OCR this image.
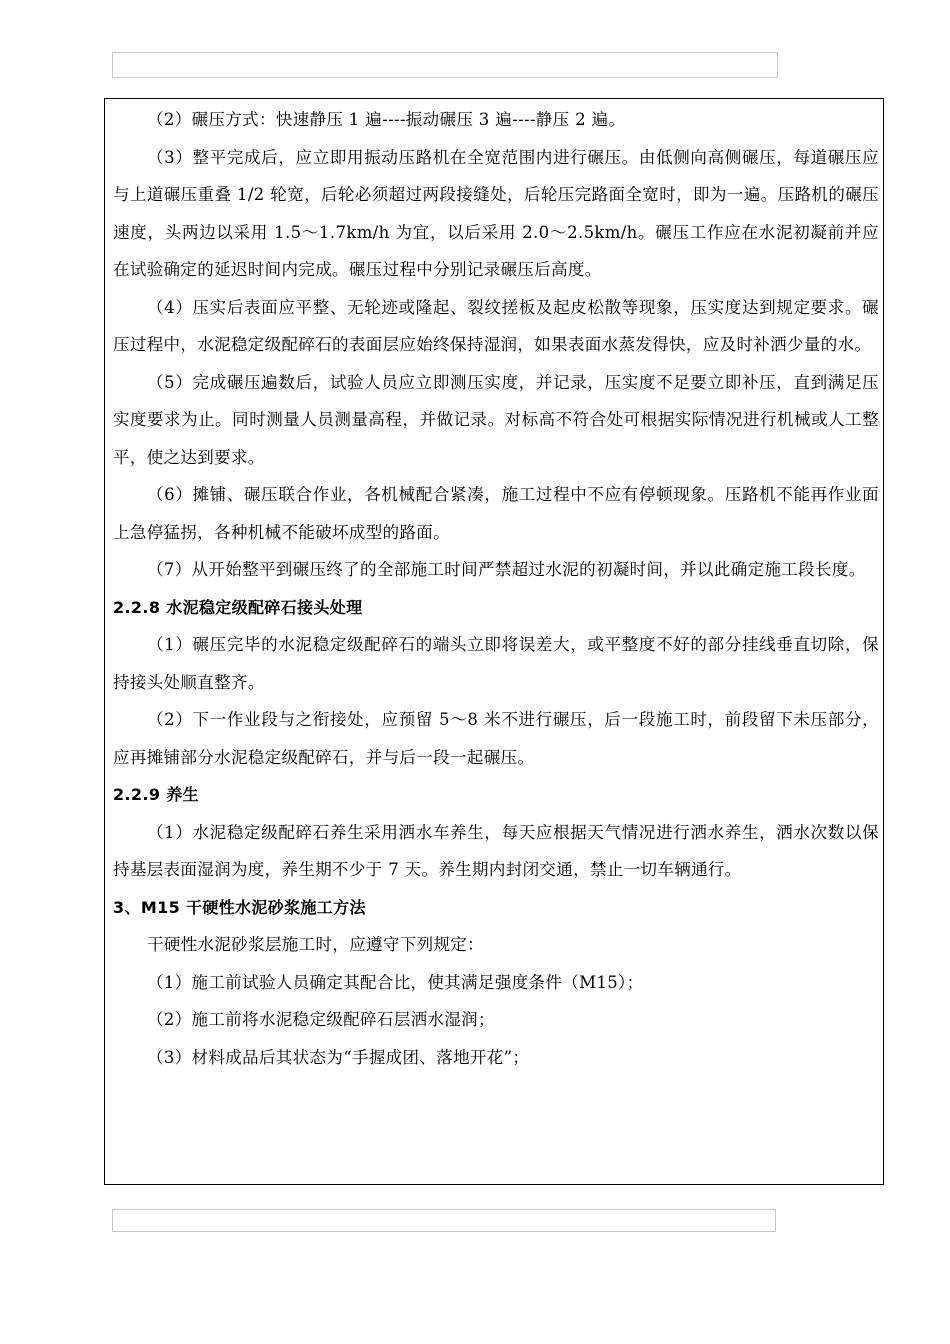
（2）碾压方式：快速静压 1 遍----振动碾压 3 遍----静压 2 遍。

（3）整平完成后，应立即用振动压路机在全宽范围内进行碾压。由低侧向高侧碾压，每道碾压应与上道碾压重叠 1/2 轮宽，后轮必须超过两段接缝处，后轮压完路面全宽时，即为一遍。压路机的碾压速度，头两边以采用 1.5～1.7km/h 为宜，以后采用 2.0～2.5km/h。碾压工作应在水泥初凝前并应在试验确定的延迟时间内完成。碾压过程中分别记录碾压后高度。

（4）压实后表面应平整、无轮迹或隆起、裂纹搓板及起皮松散等现象，压实度达到规定要求。碾压过程中，水泥稳定级配碎石的表面层应始终保持湿润，如果表面水蒸发得快，应及时补洒少量的水。

（5）完成碾压遍数后，试验人员应立即测压实度，并记录，压实度不足要立即补压，直到满足压实度要求为止。同时测量人员测量高程，并做记录。对标高不符合处可根据实际情况进行机械或人工整平，使之达到要求。

（6）摊铺、碾压联合作业，各机械配合紧凑，施工过程中不应有停顿现象。压路机不能再作业面上急停猛拐，各种机械不能破坏成型的路面。

（7）从开始整平到碾压终了的全部施工时间严禁超过水泥的初凝时间，并以此确定施工段长度。

2.2.8 水泥稳定级配碎石接头处理

（1）碾压完毕的水泥稳定级配碎石的端头立即将误差大，或平整度不好的部分挂线垂直切除，保持接头处顺直整齐。

（2）下一作业段与之衔接处，应预留 5～8 米不进行碾压，后一段施工时，前段留下未压部分，应再摊铺部分水泥稳定级配碎石，并与后一段一起碾压。

2.2.9 养生

（1）水泥稳定级配碎石养生采用洒水车养生，每天应根据天气情况进行洒水养生，洒水次数以保持基层表面湿润为度，养生期不少于 7 天。养生期内封闭交通，禁止一切车辆通行。

3、M15 干硬性水泥砂浆施工方法

干硬性水泥砂浆层施工时，应遵守下列规定：

（1）施工前试验人员确定其配合比，使其满足强度条件（M15）；

（2）施工前将水泥稳定级配碎石层洒水湿润；

（3）材料成品后其状态为“手握成团、落地开花”；
